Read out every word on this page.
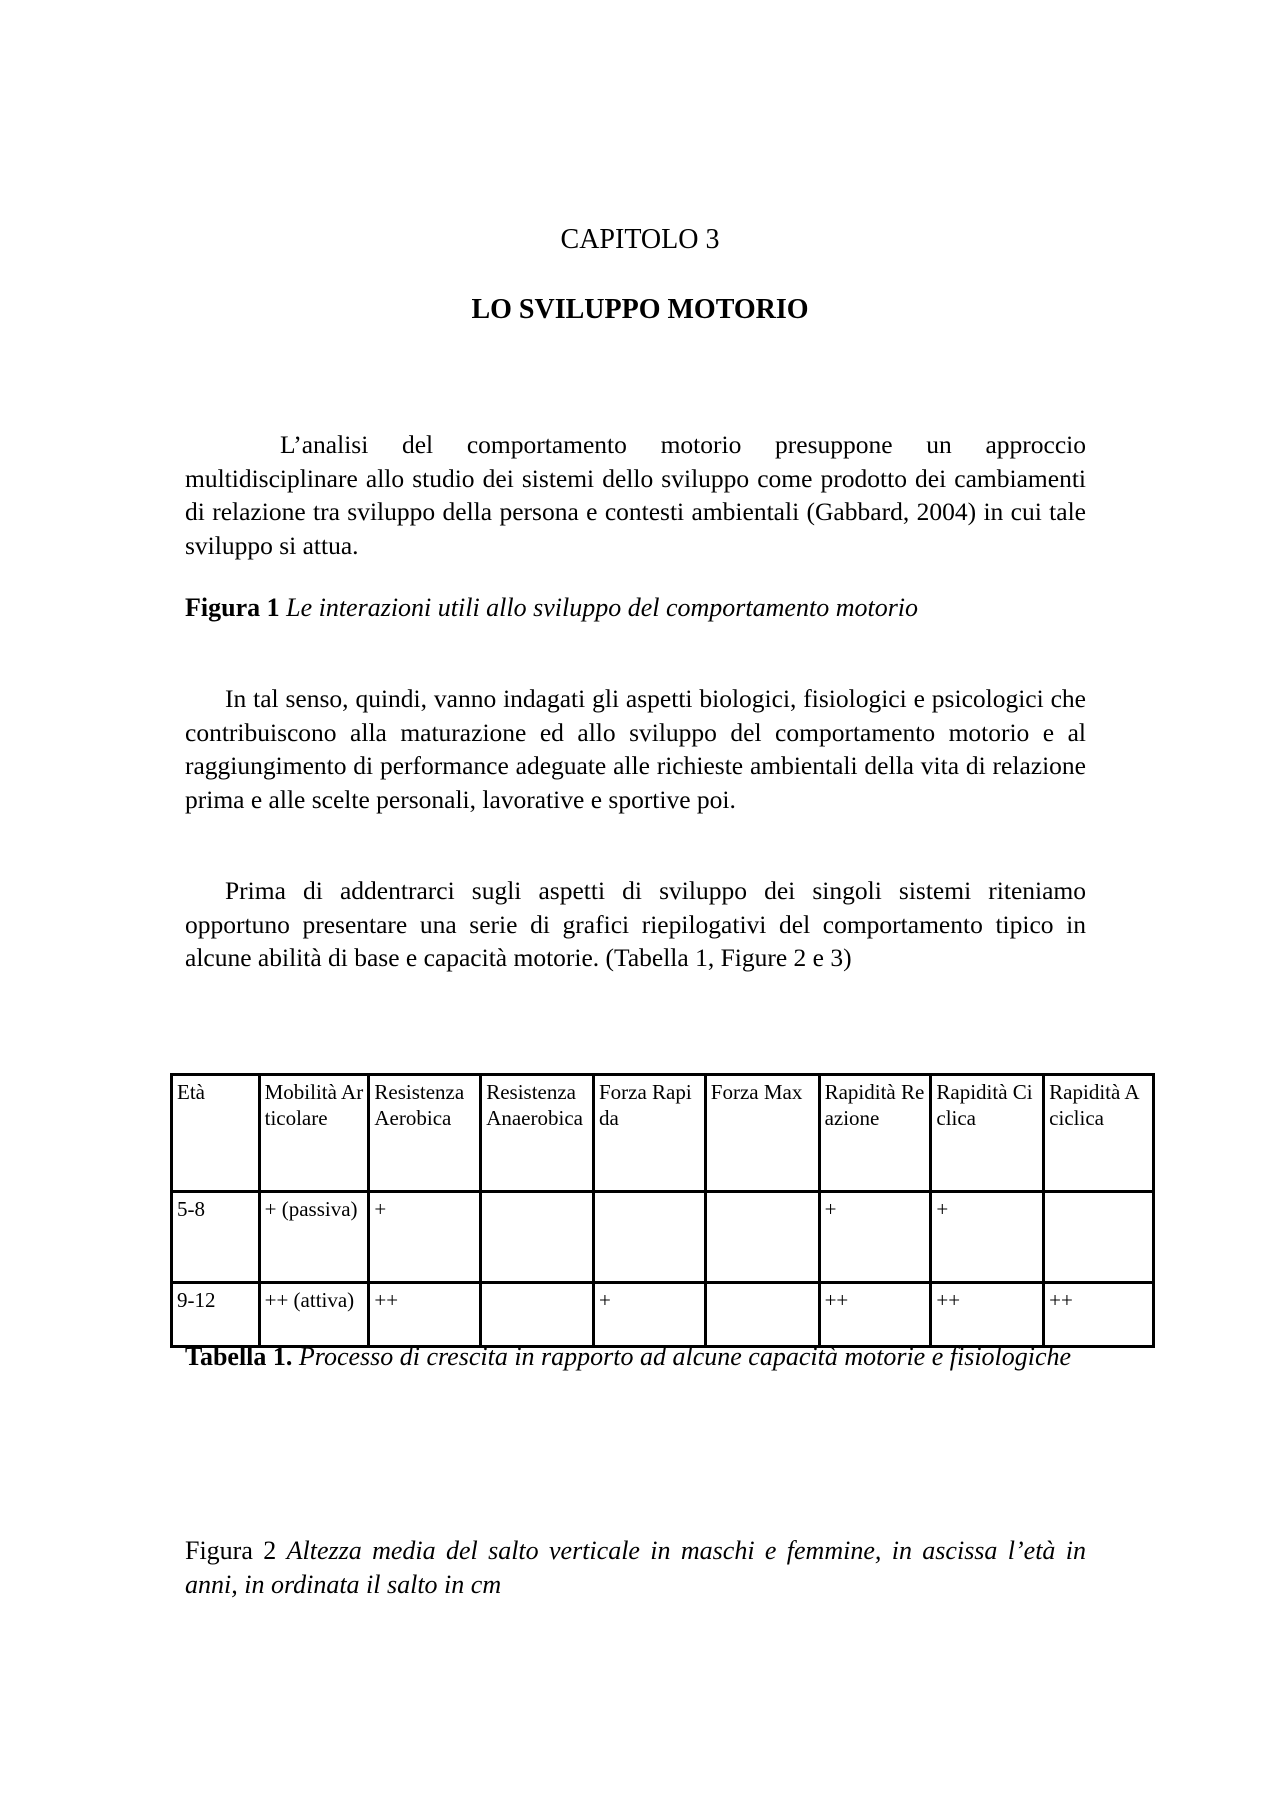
CAPITOLO 3
LO SVILUPPO MOTORIO

L’analisi del comportamento motorio presuppone un approccio multidisciplinare allo studio dei sistemi dello sviluppo come prodotto dei cambiamenti di relazione tra sviluppo della persona e contesti ambientali (Gabbard, 2004) in cui tale sviluppo si attua.

Figura 1 Le interazioni utili allo sviluppo del comportamento motorio

In tal senso, quindi, vanno indagati gli aspetti biologici, fisiologici e psicologici che contribuiscono alla maturazione ed allo sviluppo del comportamento motorio e al raggiungimento di performance adeguate alle richieste ambientali della vita di relazione prima e alle scelte personali, lavorative e sportive poi.

Prima di addentrarci sugli aspetti di sviluppo dei singoli sistemi riteniamo opportuno presentare una serie di grafici riepilogativi del comportamento tipico in alcune abilità di base e capacità motorie. (Tabella 1, Figure 2 e 3)

Età	Mobilità Articolare	Resistenza Aerobica	Resistenza Anaerobica	Forza Rapida	Forza Max	Rapidità Reazione	Rapidità Ciclica	Rapidità Aciclica
5-8	+ (passiva)	+				+	+	
9-12	++ (attiva)	++		+		++	++	++

Tabella 1. Processo di crescita in rapporto ad alcune capacità motorie e fisiologiche

Figura 2 Altezza media del salto verticale in maschi e femmine, in ascissa l’età in anni, in ordinata il salto in cm
